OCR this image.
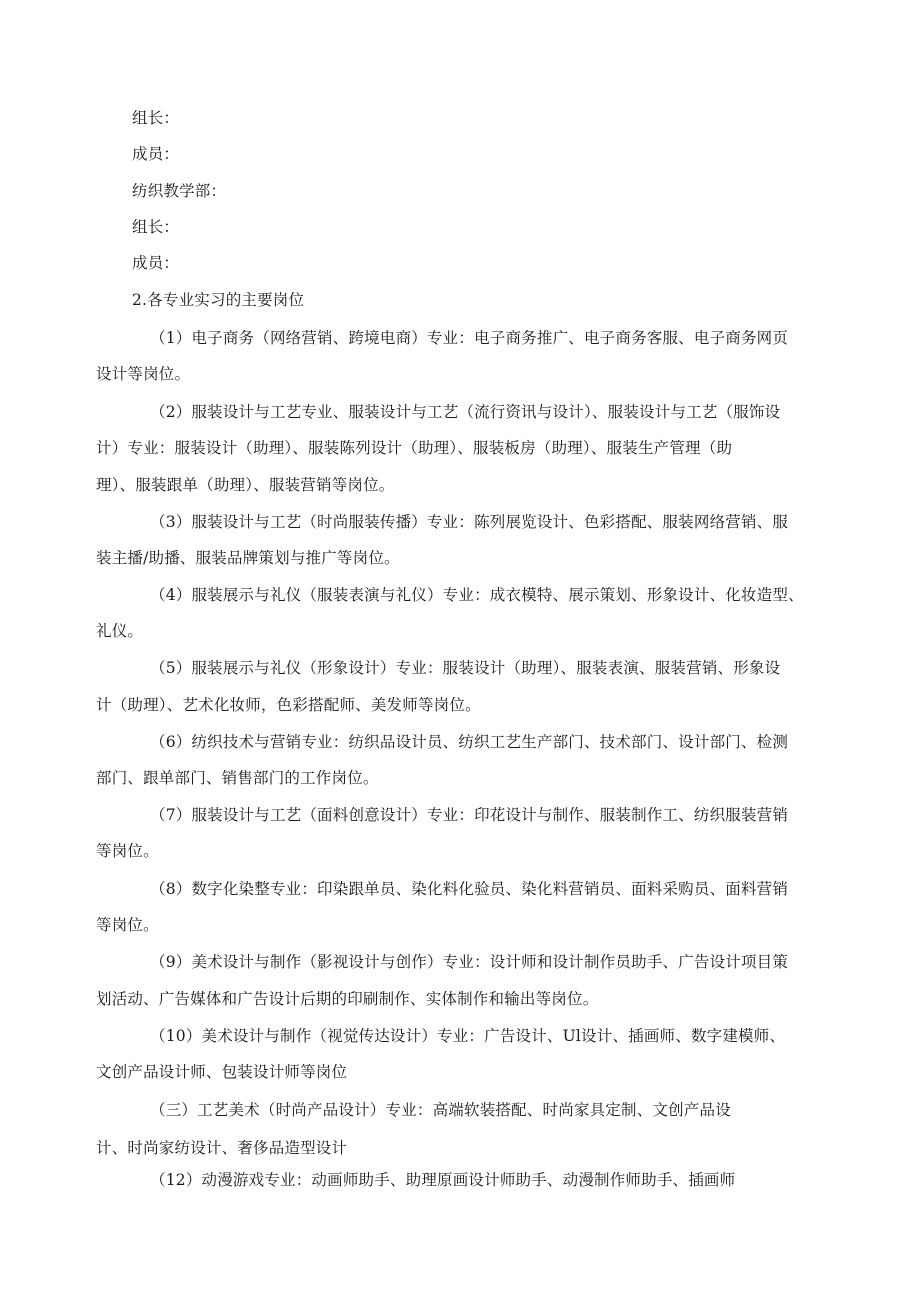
组长：
成员：
纺织教学部：
组长：
成员：
2.各专业实习的主要岗位
（1）电子商务（网络营销、跨境电商）专业：电子商务推广、电子商务客服、电子商务网页
设计等岗位。
（2）服装设计与工艺专业、服装设计与工艺（流行资讯与设计）、服装设计与工艺（服饰设
计）专业：服装设计（助理）、服装陈列设计（助理）、服装板房（助理）、服装生产管理（助
理）、服装跟单（助理）、服装营销等岗位。
（3）服装设计与工艺（时尚服装传播）专业：陈列展览设计、色彩搭配、服装网络营销、服
装主播/助播、服装品牌策划与推广等岗位。
（4）服装展示与礼仪（服装表演与礼仪）专业：成衣模特、展示策划、形象设计、化妆造型、
礼仪。
（5）服装展示与礼仪（形象设计）专业：服装设计（助理）、服装表演、服装营销、形象设
计（助理）、艺术化妆师，色彩搭配师、美发师等岗位。
（6）纺织技术与营销专业：纺织品设计员、纺织工艺生产部门、技术部门、设计部门、检测
部门、跟单部门、销售部门的工作岗位。
（7）服装设计与工艺（面料创意设计）专业：印花设计与制作、服装制作工、纺织服装营销
等岗位。
（8）数字化染整专业：印染跟单员、染化料化验员、染化料营销员、面料采购员、面料营销
等岗位。
（9）美术设计与制作（影视设计与创作）专业：设计师和设计制作员助手、广告设计项目策
划活动、广告媒体和广告设计后期的印刷制作、实体制作和输出等岗位。
（10）美术设计与制作（视觉传达设计）专业：广告设计、Ul设计、插画师、数字建模师、
文创产品设计师、包装设计师等岗位
（三）工艺美术（时尚产品设计）专业：高端软装搭配、时尚家具定制、文创产品设
计、时尚家纺设计、奢侈品造型设计
（12）动漫游戏专业：动画师助手、助理原画设计师助手、动漫制作师助手、插画师
